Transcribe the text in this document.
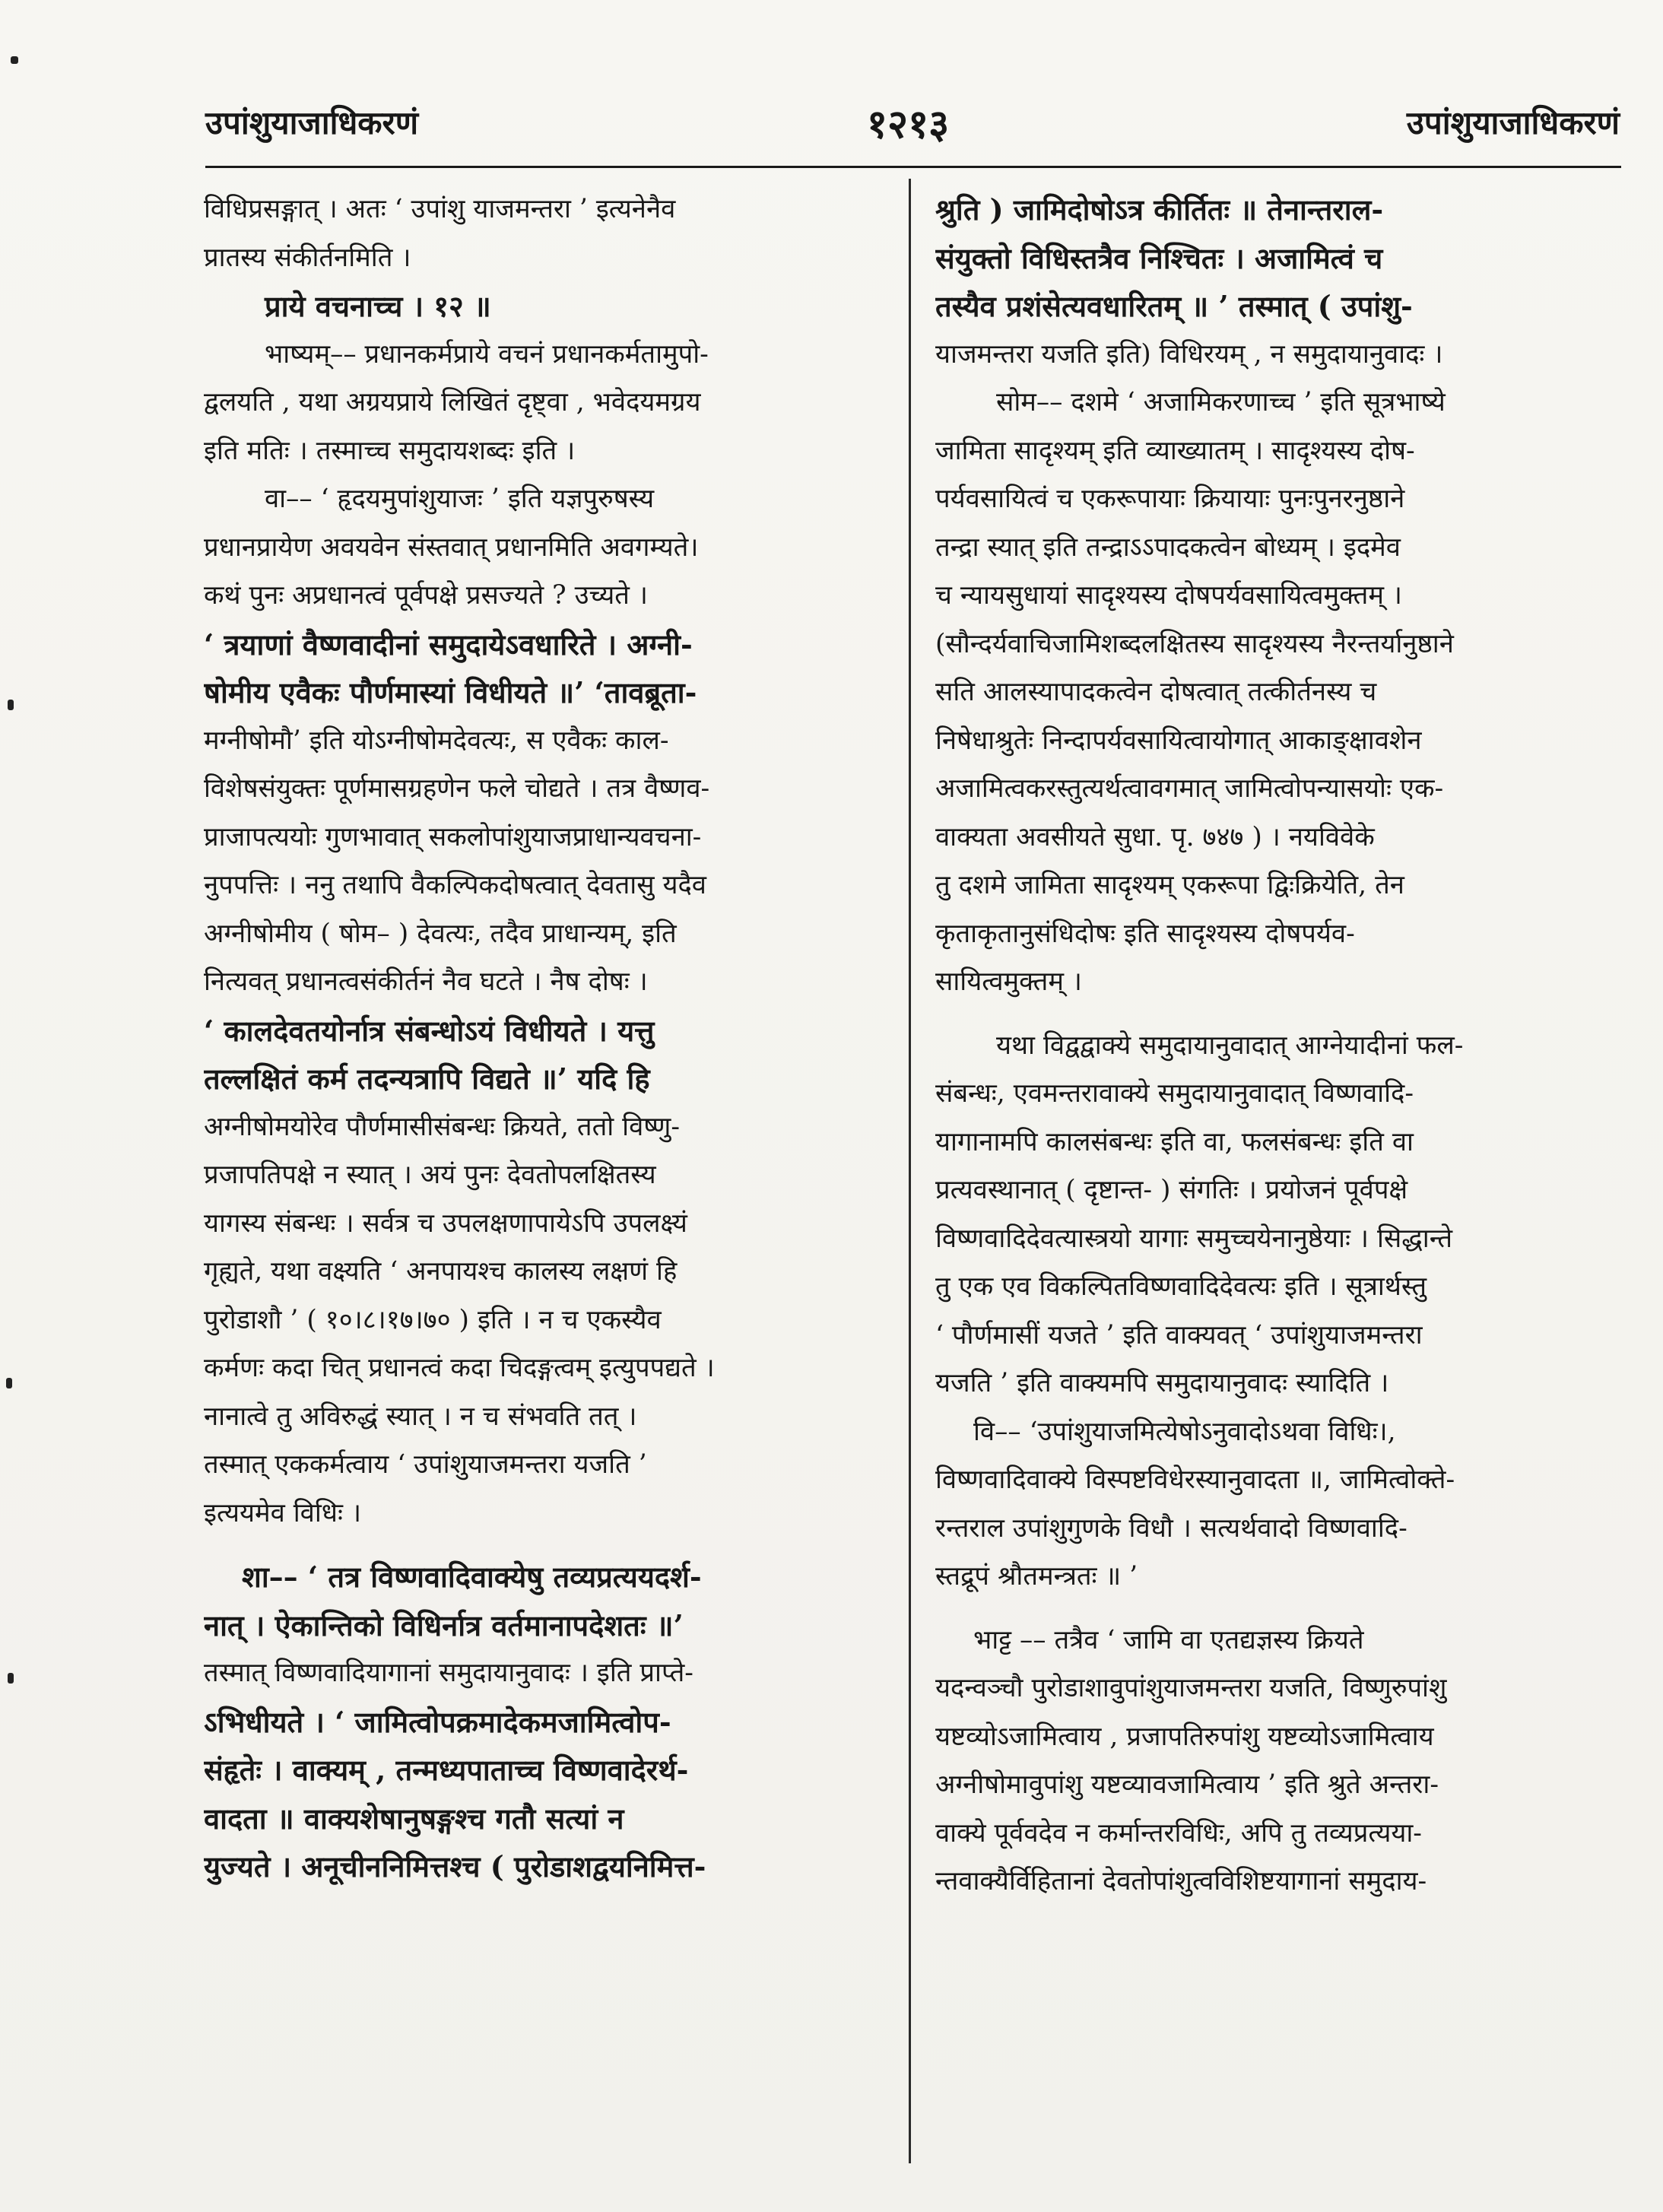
उपांशुयाजाधिकरणं	१२१३	उपांशुयाजाधिकरणं
विधिप्रसङ्गात् । अतः ‘ उपांशु याजमन्तरा ’ इत्यनेनैव
प्रातस्य संकीर्तनमिति ।
प्राये वचनाच्च । १२ ॥
भाष्यम्–– प्रधानकर्मप्राये वचनं प्रधानकर्मतामुपो-
द्वलयति , यथा अग्रयप्राये लिखितं दृष्ट्वा , भवेदयमग्रय
इति मतिः । तस्माच्च समुदायशब्दः इति ।
वा–– ‘ हृदयमुपांशुयाजः ’ इति यज्ञपुरुषस्य
प्रधानप्रायेण अवयवेन संस्तवात् प्रधानमिति अवगम्यते।
कथं पुनः अप्रधानत्वं पूर्वपक्षे प्रसज्यते ? उच्यते ।
‘ त्रयाणां वैष्णवादीनां समुदायेऽवधारिते । अग्नी-
षोमीय एवैकः पौर्णमास्यां विधीयते ॥’ ‘तावब्रूता-
मग्नीषोमौ’ इति योऽग्नीषोमदेवत्यः, स एवैकः काल-
विशेषसंयुक्तः पूर्णमासग्रहणेन फले चोद्यते । तत्र वैष्णव-
प्राजापत्ययोः गुणभावात् सकलोपांशुयाजप्राधान्यवचना-
नुपपत्तिः । ननु तथापि वैकल्पिकदोषत्वात् देवतासु यदैव
अग्नीषोमीय ( षोम– ) देवत्यः, तदैव प्राधान्यम्, इति
नित्यवत् प्रधानत्वसंकीर्तनं नैव घटते । नैष दोषः ।
‘ कालदेवतयोर्नात्र संबन्धोऽयं विधीयते । यत्तु
तल्लक्षितं कर्म तदन्यत्रापि विद्यते ॥’ यदि हि
अग्नीषोमयोरेव पौर्णमासीसंबन्धः क्रियते, ततो विष्णु-
प्रजापतिपक्षे न स्यात् । अयं पुनः देवतोपलक्षितस्य
यागस्य संबन्धः । सर्वत्र च उपलक्षणापायेऽपि उपलक्ष्यं
गृह्यते, यथा वक्ष्यति ‘ अनपायश्च कालस्य लक्षणं हि
पुरोडाशौ ’ ( १०।८।१७।७० ) इति । न च एकस्यैव
कर्मणः कदा चित् प्रधानत्वं कदा चिदङ्गत्वम् इत्युपपद्यते ।
नानात्वे तु अविरुद्धं स्यात् । न च संभवति तत् ।
तस्मात् एककर्मत्वाय ‘ उपांशुयाजमन्तरा यजति ’
इत्ययमेव विधिः ।
शा–– ‘ तत्र विष्णवादिवाक्येषु तव्यप्रत्ययदर्श-
नात् । ऐकान्तिको विधिर्नात्र वर्तमानापदेशतः ॥’
तस्मात् विष्णवादियागानां समुदायानुवादः । इति प्राप्ते-
ऽभिधीयते । ‘ जामित्वोपक्रमादेकमजामित्वोप-
संहृतेः । वाक्यम् , तन्मध्यपाताच्च विष्णवादेरर्थ-
वादता ॥ वाक्यशेषानुषङ्गश्च गतौ सत्यां न
युज्यते । अनूचीननिमित्तश्च ( पुरोडाशद्वयनिमित्त-
श्रुति ) जामिदोषोऽत्र कीर्तितः ॥ तेनान्तराल-
संयुक्तो विधिस्तत्रैव निश्चितः । अजामित्वं च
तस्यैव प्रशंसेत्यवधारितम् ॥ ’ तस्मात् ( उपांशु-
याजमन्तरा यजति इति) विधिरयम् , न समुदायानुवादः ।
सोम–– दशमे ‘ अजामिकरणाच्च ’ इति सूत्रभाष्ये
जामिता सादृश्यम् इति व्याख्यातम् । सादृश्यस्य दोष-
पर्यवसायित्वं च एकरूपायाः क्रियायाः पुनःपुनरनुष्ठाने
तन्द्रा स्यात् इति तन्द्राऽऽपादकत्वेन बोध्यम् । इदमेव
च न्यायसुधायां सादृश्यस्य दोषपर्यवसायित्वमुक्तम् ।
(सौन्दर्यवाचिजामिशब्दलक्षितस्य सादृश्यस्य नैरन्तर्यानुष्ठाने
सति आलस्यापादकत्वेन दोषत्वात् तत्कीर्तनस्य च
निषेधाश्रुतेः निन्दापर्यवसायित्वायोगात् आकाङ्क्षावशेन
अजामित्वकरस्तुत्यर्थत्वावगमात् जामित्वोपन्यासयोः एक-
वाक्यता अवसीयते सुधा. पृ. ७४७ ) । नयविवेके
तु दशमे जामिता सादृश्यम् एकरूपा द्विःक्रियेति, तेन
कृताकृतानुसंधिदोषः इति सादृश्यस्य दोषपर्यव-
सायित्वमुक्तम् ।
यथा विद्वद्वाक्ये समुदायानुवादात् आग्नेयादीनां फल-
संबन्धः, एवमन्तरावाक्ये समुदायानुवादात् विष्णवादि-
यागानामपि कालसंबन्धः इति वा, फलसंबन्धः इति वा
प्रत्यवस्थानात् ( दृष्टान्त- ) संगतिः । प्रयोजनं पूर्वपक्षे
विष्णवादिदेवत्यास्त्रयो यागाः समुच्चयेनानुष्ठेयाः । सिद्धान्ते
तु एक एव विकल्पितविष्णवादिदेवत्यः इति । सूत्रार्थस्तु
‘ पौर्णमासीं यजते ’ इति वाक्यवत् ‘ उपांशुयाजमन्तरा
यजति ’ इति वाक्यमपि समुदायानुवादः स्यादिति ।
वि–– ‘उपांशुयाजमित्येषोऽनुवादोऽथवा विधिः।,
विष्णवादिवाक्ये विस्पष्टविधेरस्यानुवादता ॥, जामित्वोक्ते-
रन्तराल उपांशुगुणके विधौ । सत्यर्थवादो विष्णवादि-
स्तद्रूपं श्रौतमन्त्रतः ॥ ’
भाट्ट –– तत्रैव ‘ जामि वा एतद्यज्ञस्य क्रियते
यदन्वञ्चौ पुरोडाशावुपांशुयाजमन्तरा यजति, विष्णुरुपांशु
यष्टव्योऽजामित्वाय , प्रजापतिरुपांशु यष्टव्योऽजामित्वाय
अग्नीषोमावुपांशु यष्टव्यावजामित्वाय ’ इति श्रुते अन्तरा-
वाक्ये पूर्ववदेव न कर्मान्तरविधिः, अपि तु तव्यप्रत्यया-
न्तवाक्यैर्विहितानां देवतोपांशुत्वविशिष्टयागानां समुदाय-
